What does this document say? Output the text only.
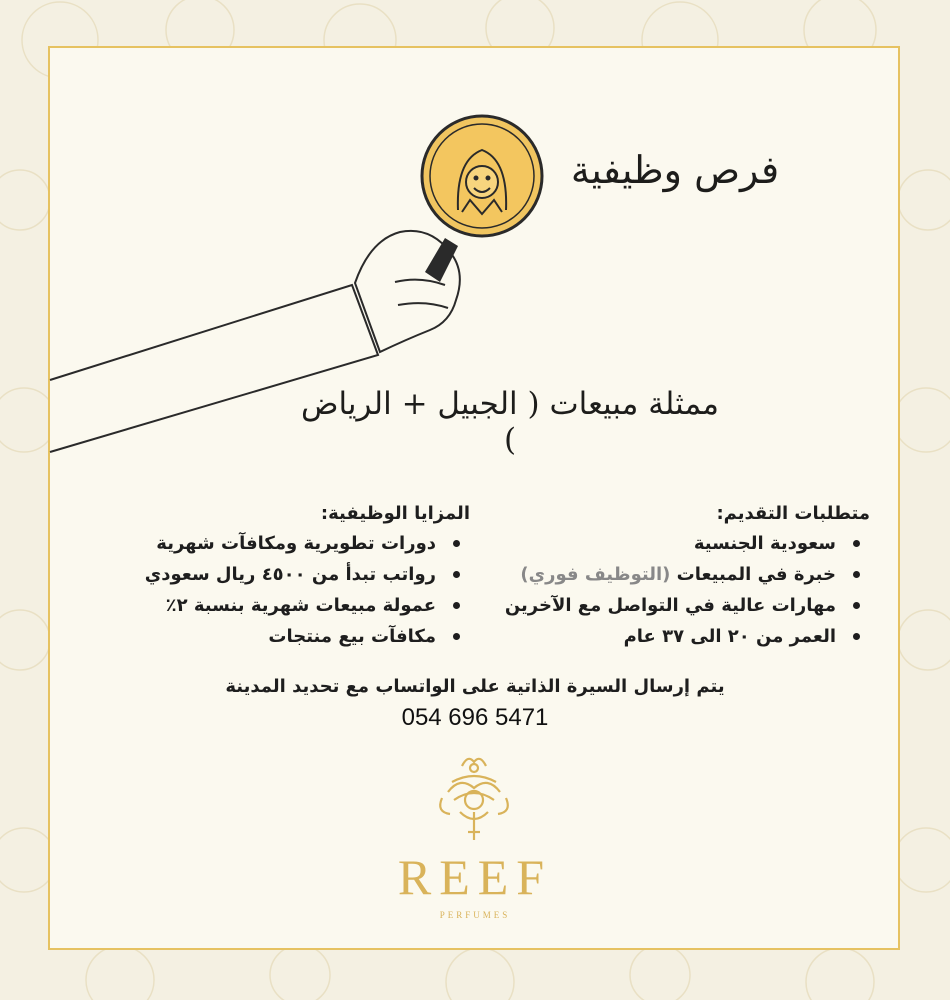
فرص وظيفية
ممثلة مبيعات ( الجبيل + الرياض )
متطلبات التقديم:
سعودية الجنسية
خبرة في المبيعات (التوظيف فوري)
مهارات عالية في التواصل مع الآخرين
العمر من ٢٠ الى ٣٧ عام
المزايا الوظيفية:
دورات تطويرية ومكافآت شهرية
رواتب تبدأ من ٤٥٠٠ ريال سعودي
عمولة مبيعات شهرية بنسبة ٢٪
مكافآت بيع منتجات
يتم إرسال السيرة الذاتية على الواتساب مع تحديد المدينة
054 696 5471
REEF
PERFUMES
